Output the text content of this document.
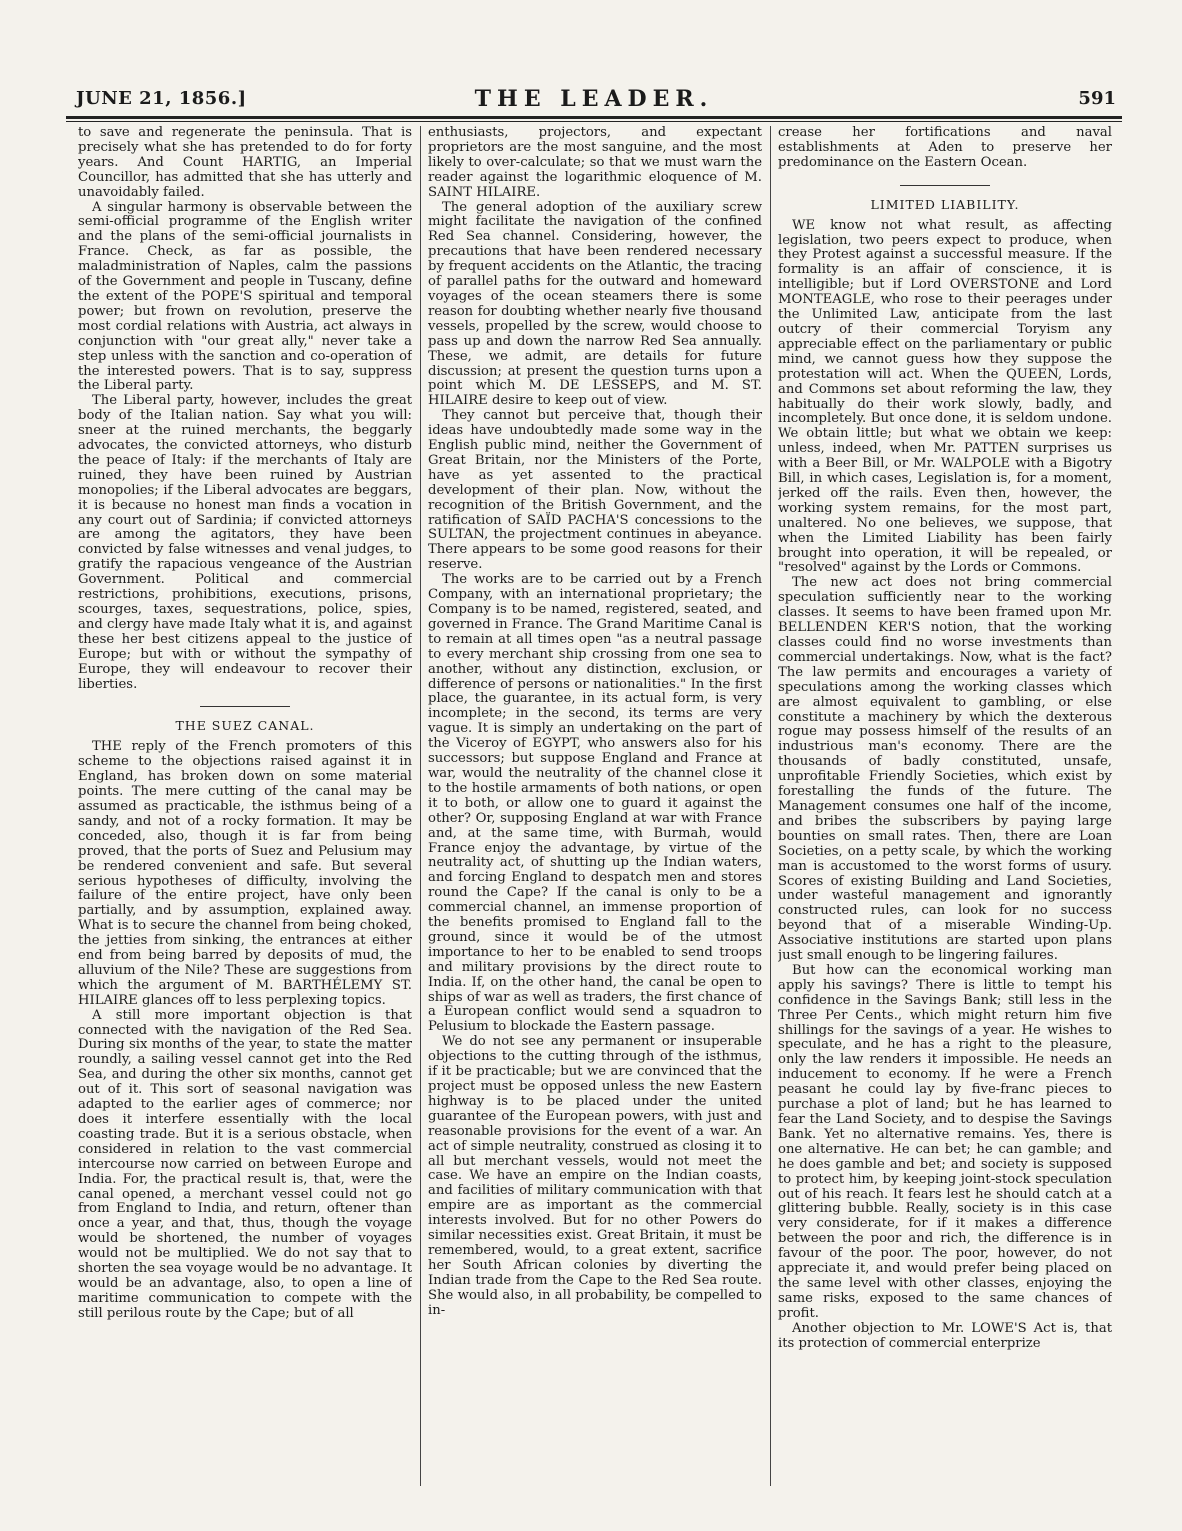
JUNE 21, 1856.]	THE LEADER.	591

to save and regenerate the peninsula. That is precisely what she has pretended to do for forty years. And Count HARTIG, an Imperial Councillor, has admitted that she has utterly and unavoidably failed.

A singular harmony is observable between the semi-official programme of the English writer and the plans of the semi-official journalists in France. Check, as far as possible, the maladministration of Naples, calm the passions of the Government and people in Tuscany, define the extent of the POPE'S spiritual and temporal power; but frown on revolution, preserve the most cordial relations with Austria, act always in conjunction with "our great ally," never take a step unless with the sanction and co-operation of the interested powers. That is to say, suppress the Liberal party.

The Liberal party, however, includes the great body of the Italian nation. Say what you will: sneer at the ruined merchants, the beggarly advocates, the convicted attorneys, who disturb the peace of Italy: if the merchants of Italy are ruined, they have been ruined by Austrian monopolies; if the Liberal advocates are beggars, it is because no honest man finds a vocation in any court out of Sardinia; if convicted attorneys are among the agitators, they have been convicted by false witnesses and venal judges, to gratify the rapacious vengeance of the Austrian Government. Political and commercial restrictions, prohibitions, executions, prisons, scourges, taxes, sequestrations, police, spies, and clergy have made Italy what it is, and against these her best citizens appeal to the justice of Europe; but with or without the sympathy of Europe, they will endeavour to recover their liberties.

THE SUEZ CANAL.

THE reply of the French promoters of this scheme to the objections raised against it in England, has broken down on some material points. The mere cutting of the canal may be assumed as practicable, the isthmus being of a sandy, and not of a rocky formation. It may be conceded, also, though it is far from being proved, that the ports of Suez and Pelusium may be rendered convenient and safe. But several serious hypotheses of difficulty, involving the failure of the entire project, have only been partially, and by assumption, explained away. What is to secure the channel from being choked, the jetties from sinking, the entrances at either end from being barred by deposits of mud, the alluvium of the Nile? These are suggestions from which the argument of M. BARTHÉLEMY ST. HILAIRE glances off to less perplexing topics.

A still more important objection is that connected with the navigation of the Red Sea. During six months of the year, to state the matter roundly, a sailing vessel cannot get into the Red Sea, and during the other six months, cannot get out of it. This sort of seasonal navigation was adapted to the earlier ages of commerce; nor does it interfere essentially with the local coasting trade. But it is a serious obstacle, when considered in relation to the vast commercial intercourse now carried on between Europe and India. For, the practical result is, that, were the canal opened, a merchant vessel could not go from England to India, and return, oftener than once a year, and that, thus, though the voyage would be shortened, the number of voyages would not be multiplied. We do not say that to shorten the sea voyage would be no advantage. It would be an advantage, also, to open a line of maritime communication to compete with the still perilous route by the Cape; but of all

enthusiasts, projectors, and expectant proprietors are the most sanguine, and the most likely to over-calculate; so that we must warn the reader against the logarithmic eloquence of M. SAINT HILAIRE.

The general adoption of the auxiliary screw might facilitate the navigation of the confined Red Sea channel. Considering, however, the precautions that have been rendered necessary by frequent accidents on the Atlantic, the tracing of parallel paths for the outward and homeward voyages of the ocean steamers there is some reason for doubting whether nearly five thousand vessels, propelled by the screw, would choose to pass up and down the narrow Red Sea annually. These, we admit, are details for future discussion; at present the question turns upon a point which M. DE LESSEPS, and M. ST. HILAIRE desire to keep out of view.

They cannot but perceive that, though their ideas have undoubtedly made some way in the English public mind, neither the Government of Great Britain, nor the Ministers of the Porte, have as yet assented to the practical development of their plan. Now, without the recognition of the British Government, and the ratification of SAÏD PACHA'S concessions to the SULTAN, the projectment continues in abeyance. There appears to be some good reasons for their reserve.

The works are to be carried out by a French Company, with an international proprietary; the Company is to be named, registered, seated, and governed in France. The Grand Maritime Canal is to remain at all times open "as a neutral passage to every merchant ship crossing from one sea to another, without any distinction, exclusion, or difference of persons or nationalities." In the first place, the guarantee, in its actual form, is very incomplete; in the second, its terms are very vague. It is simply an undertaking on the part of the Viceroy of EGYPT, who answers also for his successors; but suppose England and France at war, would the neutrality of the channel close it to the hostile armaments of both nations, or open it to both, or allow one to guard it against the other? Or, supposing England at war with France and, at the same time, with Burmah, would France enjoy the advantage, by virtue of the neutrality act, of shutting up the Indian waters, and forcing England to despatch men and stores round the Cape? If the canal is only to be a commercial channel, an immense proportion of the benefits promised to England fall to the ground, since it would be of the utmost importance to her to be enabled to send troops and military provisions by the direct route to India. If, on the other hand, the canal be open to ships of war as well as traders, the first chance of a European conflict would send a squadron to Pelusium to blockade the Eastern passage.

We do not see any permanent or insuperable objections to the cutting through of the isthmus, if it be practicable; but we are convinced that the project must be opposed unless the new Eastern highway is to be placed under the united guarantee of the European powers, with just and reasonable provisions for the event of a war. An act of simple neutrality, construed as closing it to all but merchant vessels, would not meet the case. We have an empire on the Indian coasts, and facilities of military communication with that empire are as important as the commercial interests involved. But for no other Powers do similar necessities exist. Great Britain, it must be remembered, would, to a great extent, sacrifice her South African colonies by diverting the Indian trade from the Cape to the Red Sea route. She would also, in all probability, be compelled to in-

crease her fortifications and naval establishments at Aden to preserve her predominance on the Eastern Ocean.

LIMITED LIABILITY.

WE know not what result, as affecting legislation, two peers expect to produce, when they Protest against a successful measure. If the formality is an affair of conscience, it is intelligible; but if Lord OVERSTONE and Lord MONTEAGLE, who rose to their peerages under the Unlimited Law, anticipate from the last outcry of their commercial Toryism any appreciable effect on the parliamentary or public mind, we cannot guess how they suppose the protestation will act. When the QUEEN, Lords, and Commons set about reforming the law, they habitually do their work slowly, badly, and incompletely. But once done, it is seldom undone. We obtain little; but what we obtain we keep: unless, indeed, when Mr. PATTEN surprises us with a Beer Bill, or Mr. WALPOLE with a Bigotry Bill, in which cases, Legislation is, for a moment, jerked off the rails. Even then, however, the working system remains, for the most part, unaltered. No one believes, we suppose, that when the Limited Liability has been fairly brought into operation, it will be repealed, or "resolved" against by the Lords or Commons.

The new act does not bring commercial speculation sufficiently near to the working classes. It seems to have been framed upon Mr. BELLENDEN KER'S notion, that the working classes could find no worse investments than commercial undertakings. Now, what is the fact? The law permits and encourages a variety of speculations among the working classes which are almost equivalent to gambling, or else constitute a machinery by which the dexterous rogue may possess himself of the results of an industrious man's economy. There are the thousands of badly constituted, unsafe, unprofitable Friendly Societies, which exist by forestalling the funds of the future. The Management consumes one half of the income, and bribes the subscribers by paying large bounties on small rates. Then, there are Loan Societies, on a petty scale, by which the working man is accustomed to the worst forms of usury. Scores of existing Building and Land Societies, under wasteful management and ignorantly constructed rules, can look for no success beyond that of a miserable Winding-Up. Associative institutions are started upon plans just small enough to be lingering failures.

But how can the economical working man apply his savings? There is little to tempt his confidence in the Savings Bank; still less in the Three Per Cents., which might return him five shillings for the savings of a year. He wishes to speculate, and he has a right to the pleasure, only the law renders it impossible. He needs an inducement to economy. If he were a French peasant he could lay by five-franc pieces to purchase a plot of land; but he has learned to fear the Land Society, and to despise the Savings Bank. Yet no alternative remains. Yes, there is one alternative. He can bet; he can gamble; and he does gamble and bet; and society is supposed to protect him, by keeping joint-stock speculation out of his reach. It fears lest he should catch at a glittering bubble. Really, society is in this case very considerate, for if it makes a difference between the poor and rich, the difference is in favour of the poor. The poor, however, do not appreciate it, and would prefer being placed on the same level with other classes, enjoying the same risks, exposed to the same chances of profit.

Another objection to Mr. LOWE'S Act is, that its protection of commercial enterprize
